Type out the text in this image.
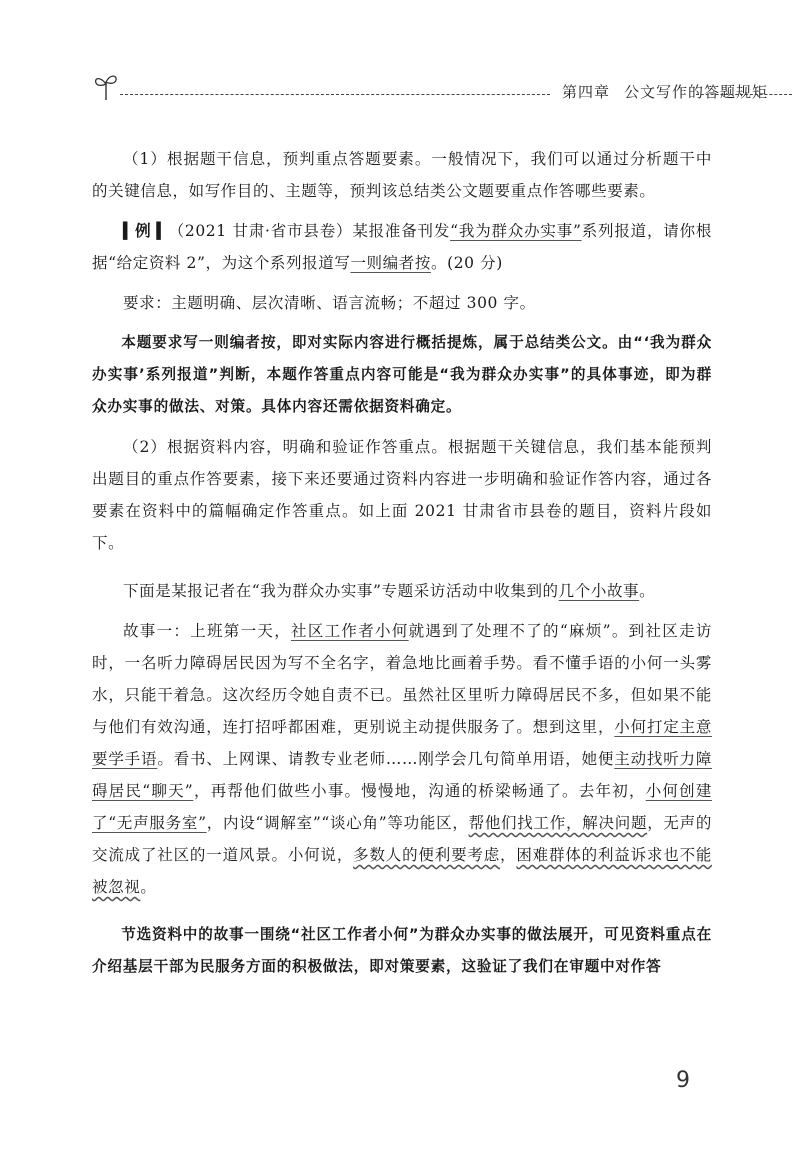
第四章 公文写作的答题规矩

（1）根据题干信息，预判重点答题要素。一般情况下，我们可以通过分析题干中的关键信息，如写作目的、主题等，预判该总结类公文题要重点作答哪些要素。

▍例 ▍（2021 甘肃·省市县卷）某报准备刊发“我为群众办实事”系列报道，请你根据“给定资料 2”，为这个系列报道写一则编者按。(20 分)

要求：主题明确、层次清晰、语言流畅；不超过 300 字。

本题要求写一则编者按，即对实际内容进行概括提炼，属于总结类公文。由“‘我为群众办实事’系列报道”判断，本题作答重点内容可能是“我为群众办实事”的具体事迹，即为群众办实事的做法、对策。具体内容还需依据资料确定。

（2）根据资料内容，明确和验证作答重点。根据题干关键信息，我们基本能预判出题目的重点作答要素，接下来还要通过资料内容进一步明确和验证作答内容，通过各要素在资料中的篇幅确定作答重点。如上面 2021 甘肃省市县卷的题目，资料片段如下。

下面是某报记者在“我为群众办实事”专题采访活动中收集到的几个小故事。

故事一：上班第一天，社区工作者小何就遇到了处理不了的“麻烦”。到社区走访时，一名听力障碍居民因为写不全名字，着急地比画着手势。看不懂手语的小何一头雾水，只能干着急。这次经历令她自责不已。虽然社区里听力障碍居民不多，但如果不能与他们有效沟通，连打招呼都困难，更别说主动提供服务了。想到这里，小何打定主意要学手语。看书、上网课、请教专业老师……刚学会几句简单用语，她便主动找听力障碍居民“聊天”，再帮他们做些小事。慢慢地，沟通的桥梁畅通了。去年初，小何创建了“无声服务室”，内设“调解室”“谈心角”等功能区，帮他们找工作，解决问题，无声的交流成了社区的一道风景。小何说，多数人的便利要考虑，困难群体的利益诉求也不能被忽视。

节选资料中的故事一围绕“社区工作者小何”为群众办实事的做法展开，可见资料重点在介绍基层干部为民服务方面的积极做法，即对策要素，这验证了我们在审题中对作答

9
